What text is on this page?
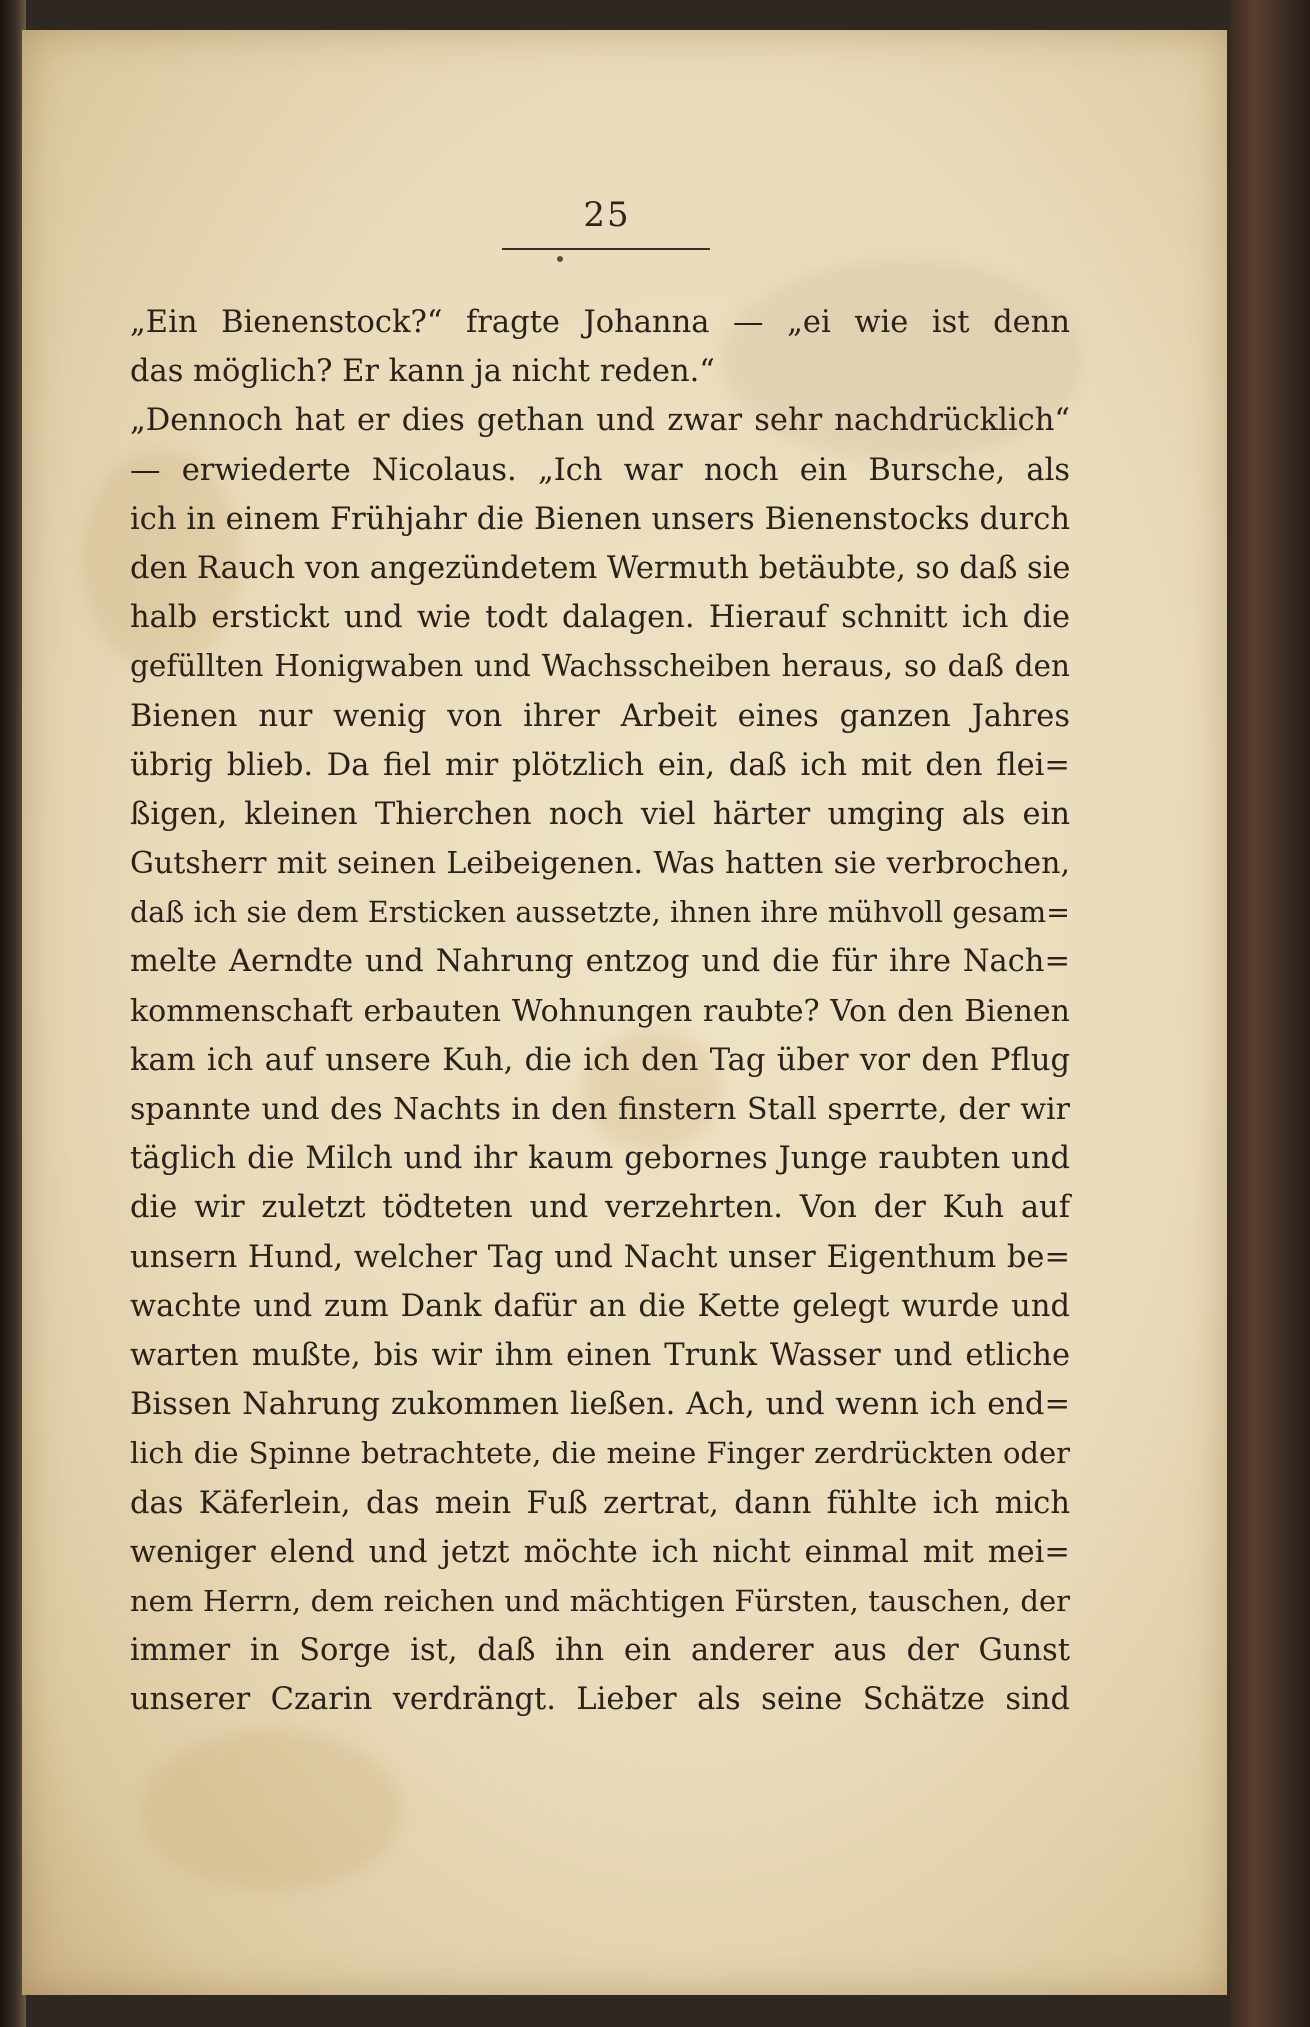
25
„Ein Bienenstock?“ fragte Johanna — „ei wie ist denn
das möglich? Er kann ja nicht reden.“
„Dennoch hat er dies gethan und zwar sehr nachdrücklich“
— erwiederte Nicolaus. „Ich war noch ein Bursche, als
ich in einem Frühjahr die Bienen unsers Bienenstocks durch
den Rauch von angezündetem Wermuth betäubte, so daß sie
halb erstickt und wie todt dalagen. Hierauf schnitt ich die
gefüllten Honigwaben und Wachsscheiben heraus, so daß den
Bienen nur wenig von ihrer Arbeit eines ganzen Jahres
übrig blieb. Da fiel mir plötzlich ein, daß ich mit den flei=
ßigen, kleinen Thierchen noch viel härter umging als ein
Gutsherr mit seinen Leibeigenen. Was hatten sie verbrochen,
daß ich sie dem Ersticken aussetzte, ihnen ihre mühvoll gesam=
melte Aerndte und Nahrung entzog und die für ihre Nach=
kommenschaft erbauten Wohnungen raubte? Von den Bienen
kam ich auf unsere Kuh, die ich den Tag über vor den Pflug
spannte und des Nachts in den finstern Stall sperrte, der wir
täglich die Milch und ihr kaum gebornes Junge raubten und
die wir zuletzt tödteten und verzehrten. Von der Kuh auf
unsern Hund, welcher Tag und Nacht unser Eigenthum be=
wachte und zum Dank dafür an die Kette gelegt wurde und
warten mußte, bis wir ihm einen Trunk Wasser und etliche
Bissen Nahrung zukommen ließen. Ach, und wenn ich end=
lich die Spinne betrachtete, die meine Finger zerdrückten oder
das Käferlein, das mein Fuß zertrat, dann fühlte ich mich
weniger elend und jetzt möchte ich nicht einmal mit mei=
nem Herrn, dem reichen und mächtigen Fürsten, tauschen, der
immer in Sorge ist, daß ihn ein anderer aus der Gunst
unserer Czarin verdrängt. Lieber als seine Schätze sind
